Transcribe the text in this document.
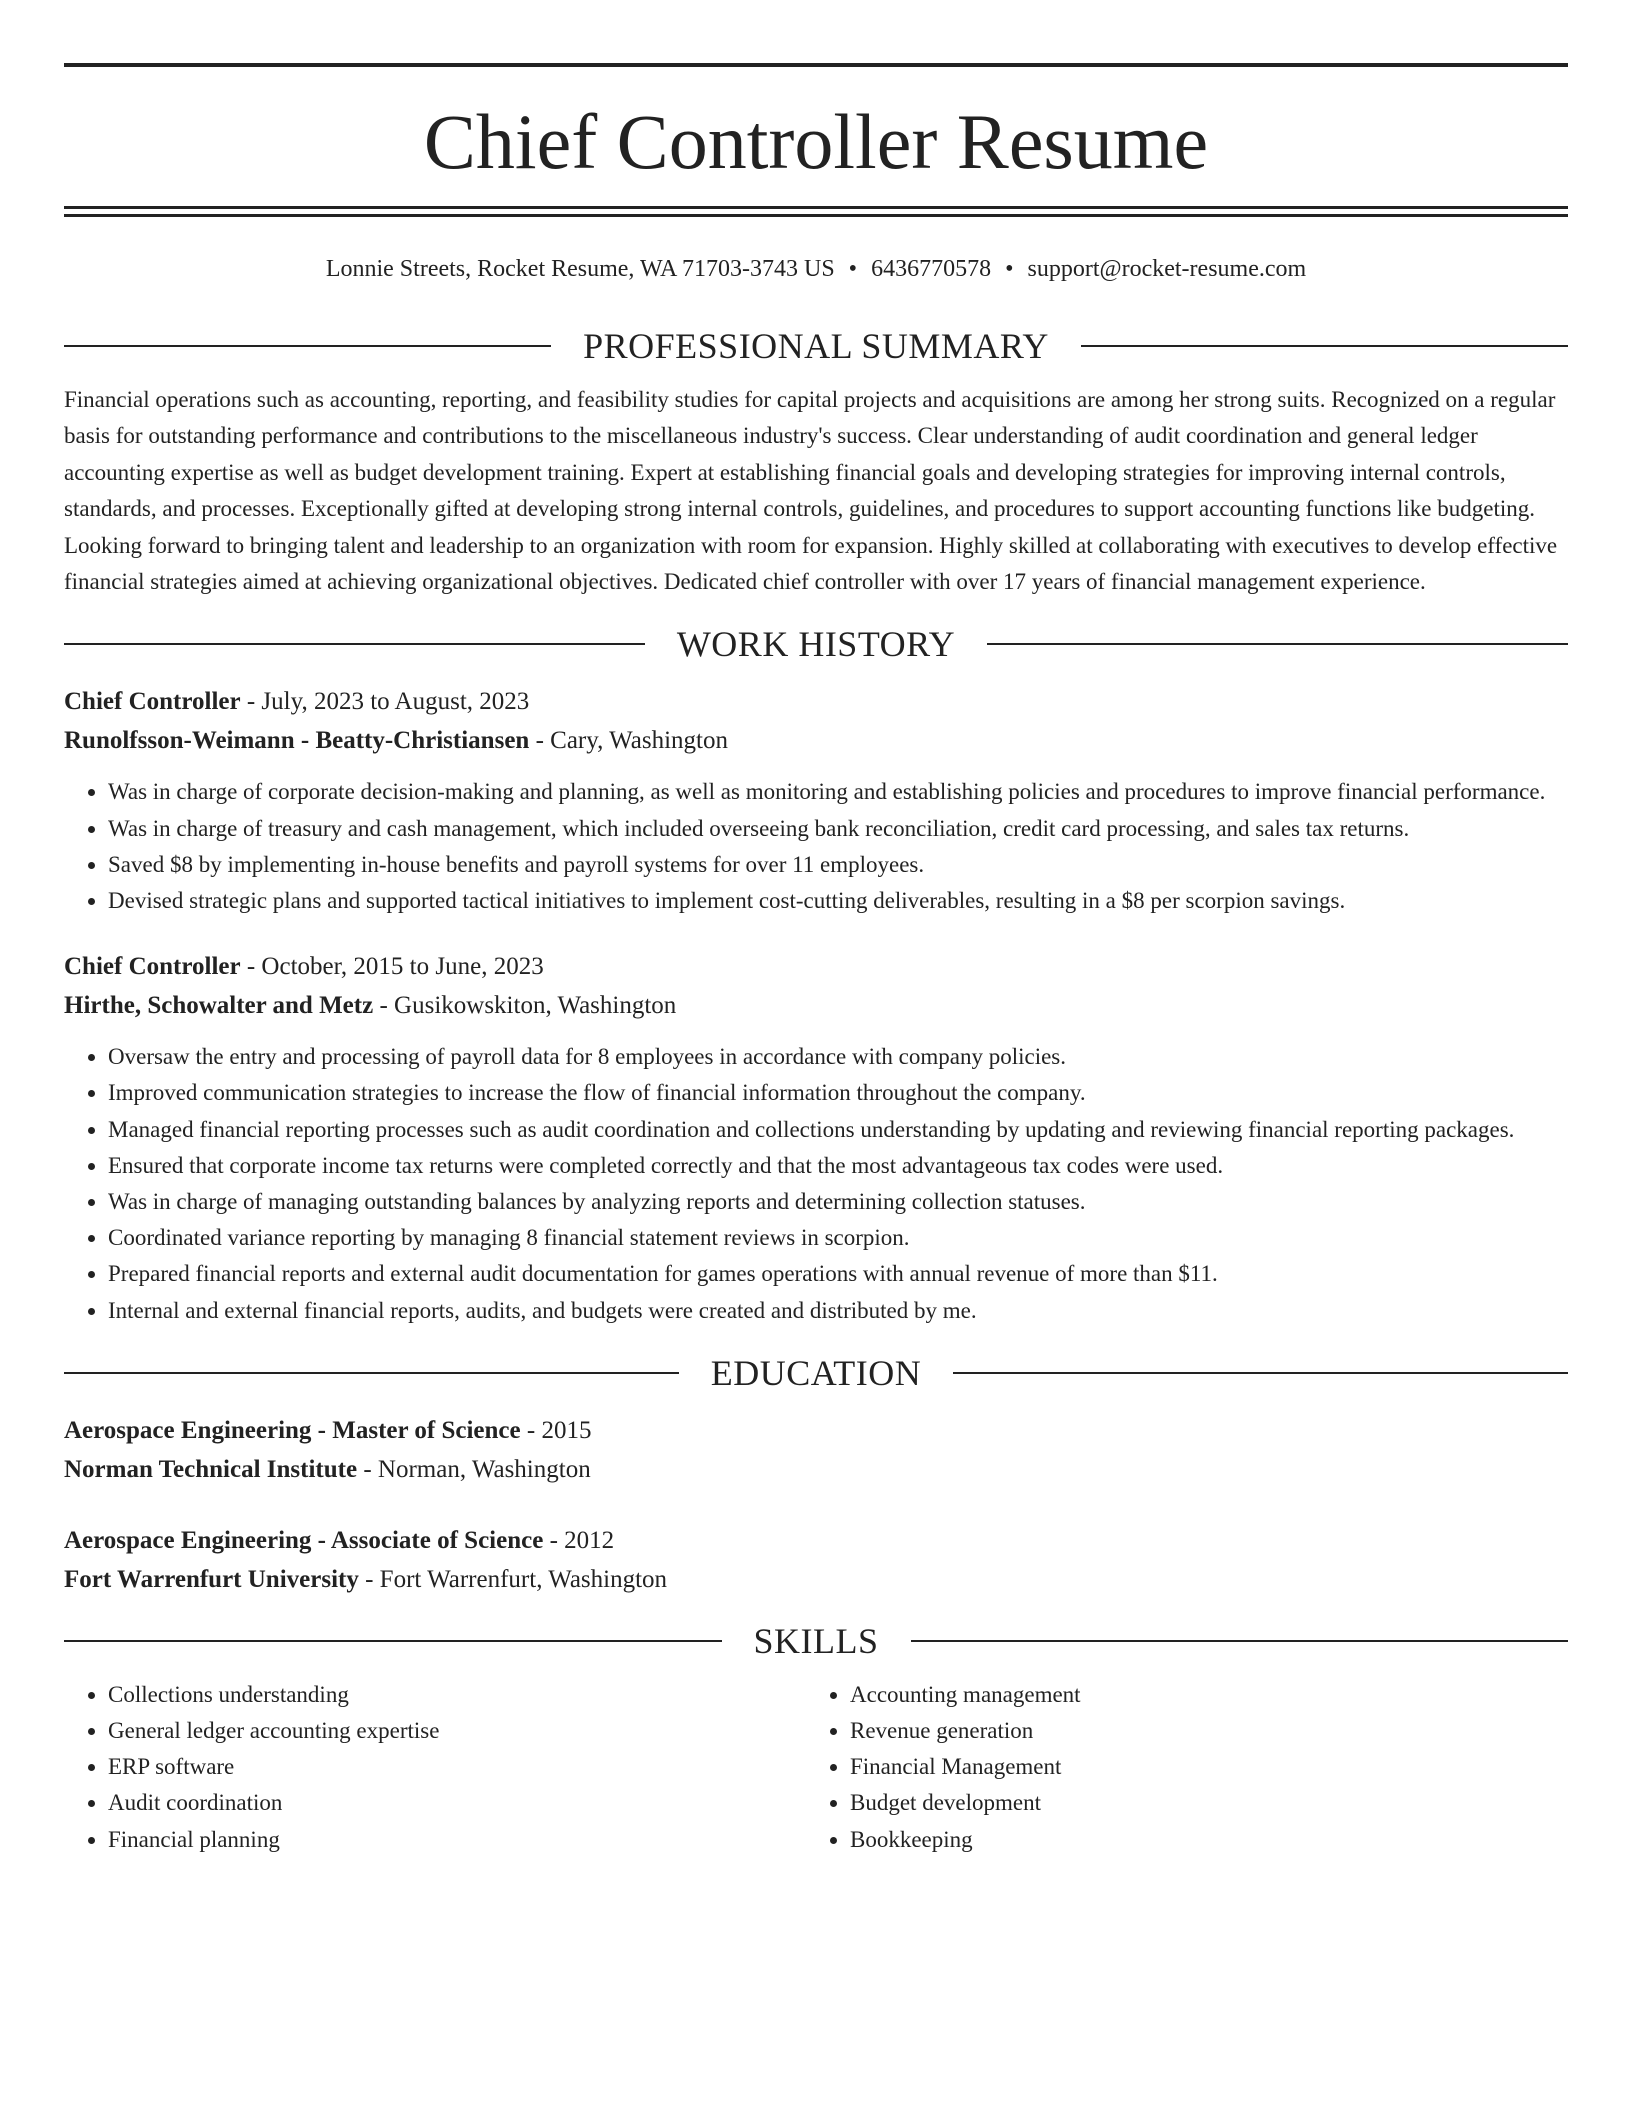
Chief Controller Resume
Lonnie Streets, Rocket Resume, WA 71703-3743 US • 6436770578 • support@rocket-resume.com
PROFESSIONAL SUMMARY

Financial operations such as accounting, reporting, and feasibility studies for capital projects and acquisitions are among her strong suits. Recognized on a regular basis for outstanding performance and contributions to the miscellaneous industry's success. Clear understanding of audit coordination and general ledger accounting expertise as well as budget development training. Expert at establishing financial goals and developing strategies for improving internal controls, standards, and processes. Exceptionally gifted at developing strong internal controls, guidelines, and procedures to support accounting functions like budgeting. Looking forward to bringing talent and leadership to an organization with room for expansion. Highly skilled at collaborating with executives to develop effective financial strategies aimed at achieving organizational objectives. Dedicated chief controller with over 17 years of financial management experience.

WORK HISTORY
Chief Controller - July, 2023 to August, 2023
Runolfsson-Weimann - Beatty-Christiansen - Cary, Washington
• Was in charge of corporate decision-making and planning, as well as monitoring and establishing policies and procedures to improve financial performance.
• Was in charge of treasury and cash management, which included overseeing bank reconciliation, credit card processing, and sales tax returns.
• Saved $8 by implementing in-house benefits and payroll systems for over 11 employees.
• Devised strategic plans and supported tactical initiatives to implement cost-cutting deliverables, resulting in a $8 per scorpion savings.
Chief Controller - October, 2015 to June, 2023
Hirthe, Schowalter and Metz - Gusikowskiton, Washington
• Oversaw the entry and processing of payroll data for 8 employees in accordance with company policies.
• Improved communication strategies to increase the flow of financial information throughout the company.
• Managed financial reporting processes such as audit coordination and collections understanding by updating and reviewing financial reporting packages.
• Ensured that corporate income tax returns were completed correctly and that the most advantageous tax codes were used.
• Was in charge of managing outstanding balances by analyzing reports and determining collection statuses.
• Coordinated variance reporting by managing 8 financial statement reviews in scorpion.
• Prepared financial reports and external audit documentation for games operations with annual revenue of more than $11.
• Internal and external financial reports, audits, and budgets were created and distributed by me.
EDUCATION
Aerospace Engineering - Master of Science - 2015
Norman Technical Institute - Norman, Washington
Aerospace Engineering - Associate of Science - 2012
Fort Warrenfurt University - Fort Warrenfurt, Washington
SKILLS
• Collections understanding
• General ledger accounting expertise
• ERP software
• Audit coordination
• Financial planning
• Accounting management
• Revenue generation
• Financial Management
• Budget development
• Bookkeeping
